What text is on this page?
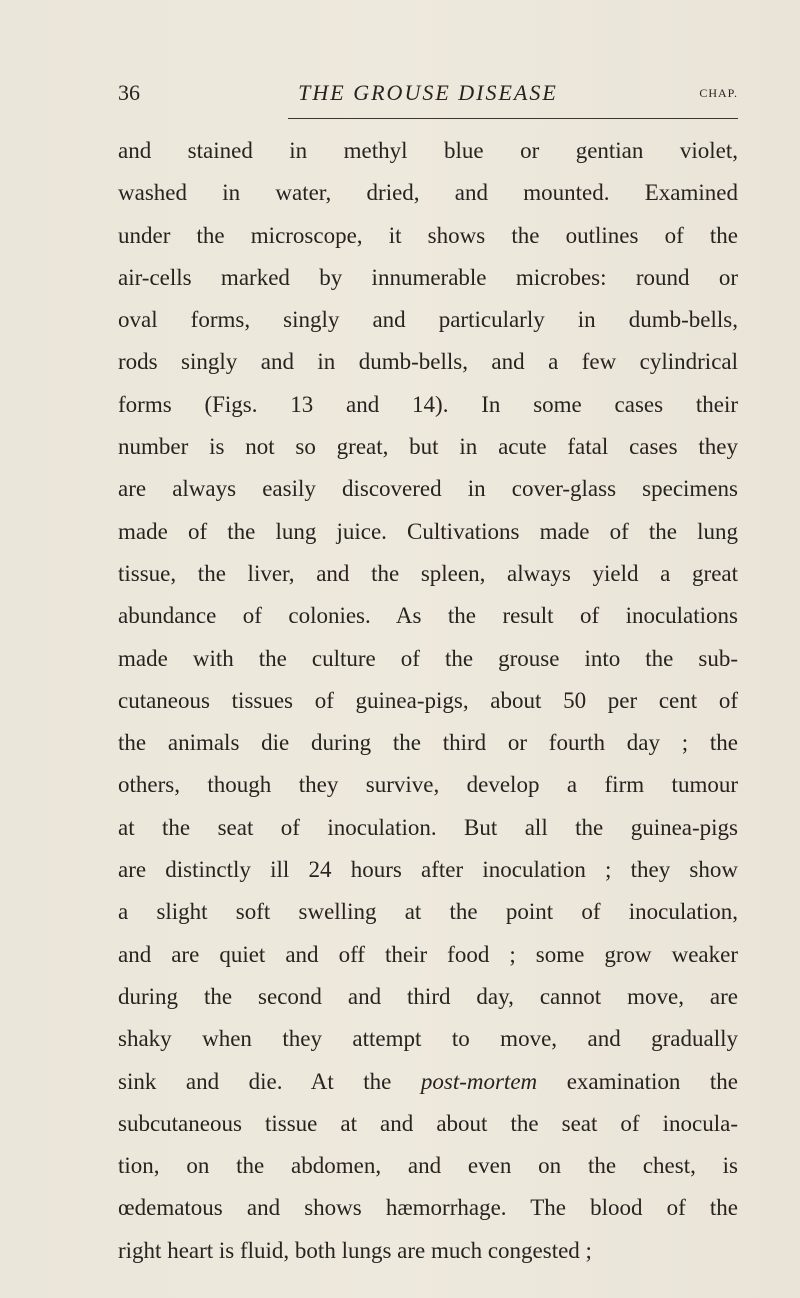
36	THE GROUSE DISEASE	CHAP.
and stained in methyl blue or gentian violet,
washed in water, dried, and mounted. Examined
under the microscope, it shows the outlines of the
air-cells marked by innumerable microbes: round or
oval forms, singly and particularly in dumb-bells,
rods singly and in dumb-bells, and a few cylindrical
forms (Figs. 13 and 14). In some cases their
number is not so great, but in acute fatal cases they
are always easily discovered in cover-glass specimens
made of the lung juice. Cultivations made of the lung
tissue, the liver, and the spleen, always yield a great
abundance of colonies. As the result of inoculations
made with the culture of the grouse into the sub-
cutaneous tissues of guinea-pigs, about 50 per cent of
the animals die during the third or fourth day ; the
others, though they survive, develop a firm tumour
at the seat of inoculation. But all the guinea-pigs
are distinctly ill 24 hours after inoculation ; they show
a slight soft swelling at the point of inoculation,
and are quiet and off their food ; some grow weaker
during the second and third day, cannot move, are
shaky when they attempt to move, and gradually
sink and die. At the post-mortem examination the
subcutaneous tissue at and about the seat of inocula-
tion, on the abdomen, and even on the chest, is
œdematous and shows hæmorrhage. The blood of the
right heart is fluid, both lungs are much congested ;
